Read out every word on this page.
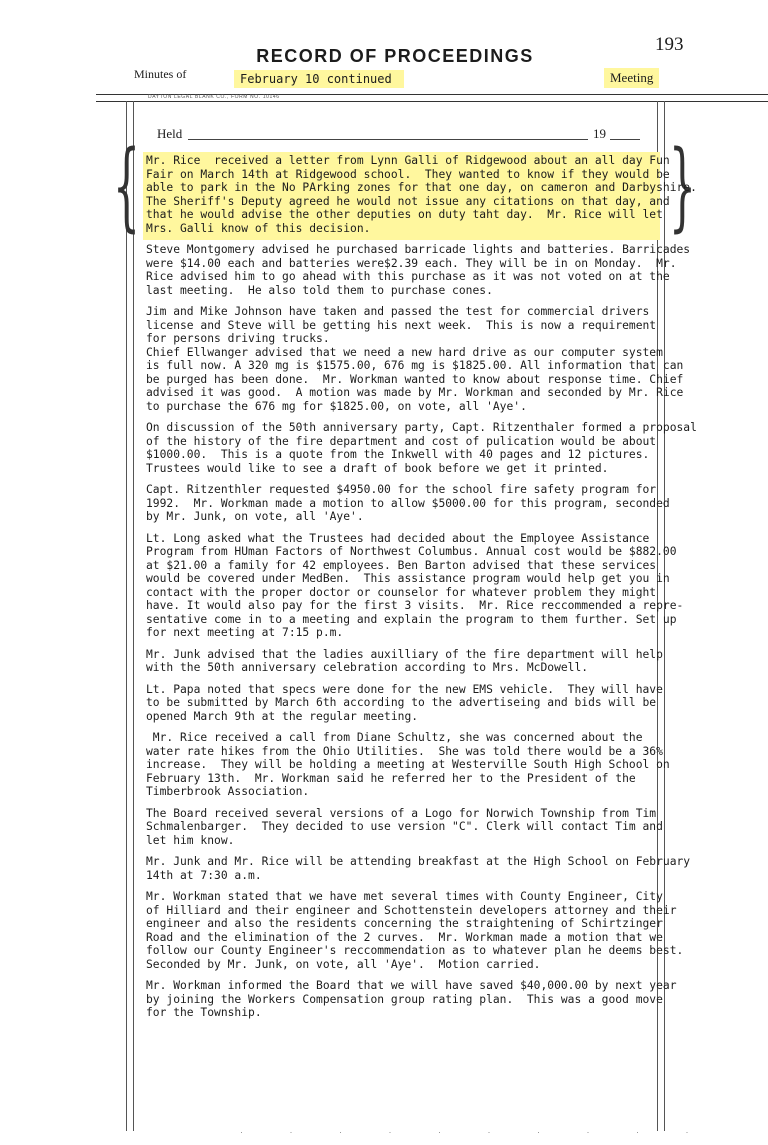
193
RECORD OF PROCEEDINGS
Minutes of	February 10 continued	Meeting
DAYTON LEGAL BLANK CO., FORM NO. 10146
Held	19
{	}

Mr. Rice  received a letter from Lynn Galli of Ridgewood about an all day Fun
Fair on March 14th at Ridgewood school.  They wanted to know if they would be
able to park in the No PArking zones for that one day, on cameron and Darbyshire.
The Sheriff's Deputy agreed he would not issue any citations on that day, and
that he would advise the other deputies on duty taht day.  Mr. Rice will let
Mrs. Galli know of this decision.

Steve Montgomery advised he purchased barricade lights and batteries. Barricades
were $14.00 each and batteries were$2.39 each. They will be in on Monday.  Mr.
Rice advised him to go ahead with this purchase as it was not voted on at the
last meeting.  He also told them to purchase cones.

Jim and Mike Johnson have taken and passed the test for commercial drivers
license and Steve will be getting his next week.  This is now a requirement
for persons driving trucks.
Chief Ellwanger advised that we need a new hard drive as our computer system
is full now. A 320 mg is $1575.00, 676 mg is $1825.00. All information that can
be purged has been done.  Mr. Workman wanted to know about response time. Chief
advised it was good.  A motion was made by Mr. Workman and seconded by Mr. Rice
to purchase the 676 mg for $1825.00, on vote, all 'Aye'.

On discussion of the 50th anniversary party, Capt. Ritzenthaler formed a proposal
of the history of the fire department and cost of pulication would be about
$1000.00.  This is a quote from the Inkwell with 40 pages and 12 pictures.
Trustees would like to see a draft of book before we get it printed.

Capt. Ritzenthler requested $4950.00 for the school fire safety program for
1992.  Mr. Workman made a motion to allow $5000.00 for this program, seconded
by Mr. Junk, on vote, all 'Aye'.

Lt. Long asked what the Trustees had decided about the Employee Assistance
Program from HUman Factors of Northwest Columbus. Annual cost would be $882.00
at $21.00 a family for 42 employees. Ben Barton advised that these services
would be covered under MedBen.  This assistance program would help get you in
contact with the proper doctor or counselor for whatever problem they might
have. It would also pay for the first 3 visits.  Mr. Rice reccommended a repre-
sentative come in to a meeting and explain the program to them further. Set up
for next meeting at 7:15 p.m.

Mr. Junk advised that the ladies auxilliary of the fire department will help
with the 50th anniversary celebration according to Mrs. McDowell.

Lt. Papa noted that specs were done for the new EMS vehicle.  They will have
to be submitted by March 6th according to the advertiseing and bids will be
opened March 9th at the regular meeting.

Mr. Rice received a call from Diane Schultz, she was concerned about the
water rate hikes from the Ohio Utilities.  She was told there would be a 36%
increase.  They will be holding a meeting at Westerville South High School on
February 13th.  Mr. Workman said he referred her to the President of the
Timberbrook Association.

The Board received several versions of a Logo for Norwich Township from Tim
Schmalenbarger.  They decided to use version "C". Clerk will contact Tim and
let him know.

Mr. Junk and Mr. Rice will be attending breakfast at the High School on February
14th at 7:30 a.m.

Mr. Workman stated that we have met several times with County Engineer, City
of Hilliard and their engineer and Schottenstein developers attorney and their
engineer and also the residents concerning the straightening of Schirtzinger
Road and the elimination of the 2 curves.  Mr. Workman made a motion that we
follow our County Engineer's reccommendation as to whatever plan he deems best.
Seconded by Mr. Junk, on vote, all 'Aye'.  Motion carried.

Mr. Workman informed the Board that we will have saved $40,000.00 by next year
by joining the Workers Compensation group rating plan.  This was a good move
for the Township.

· · · · · · · · · ·
